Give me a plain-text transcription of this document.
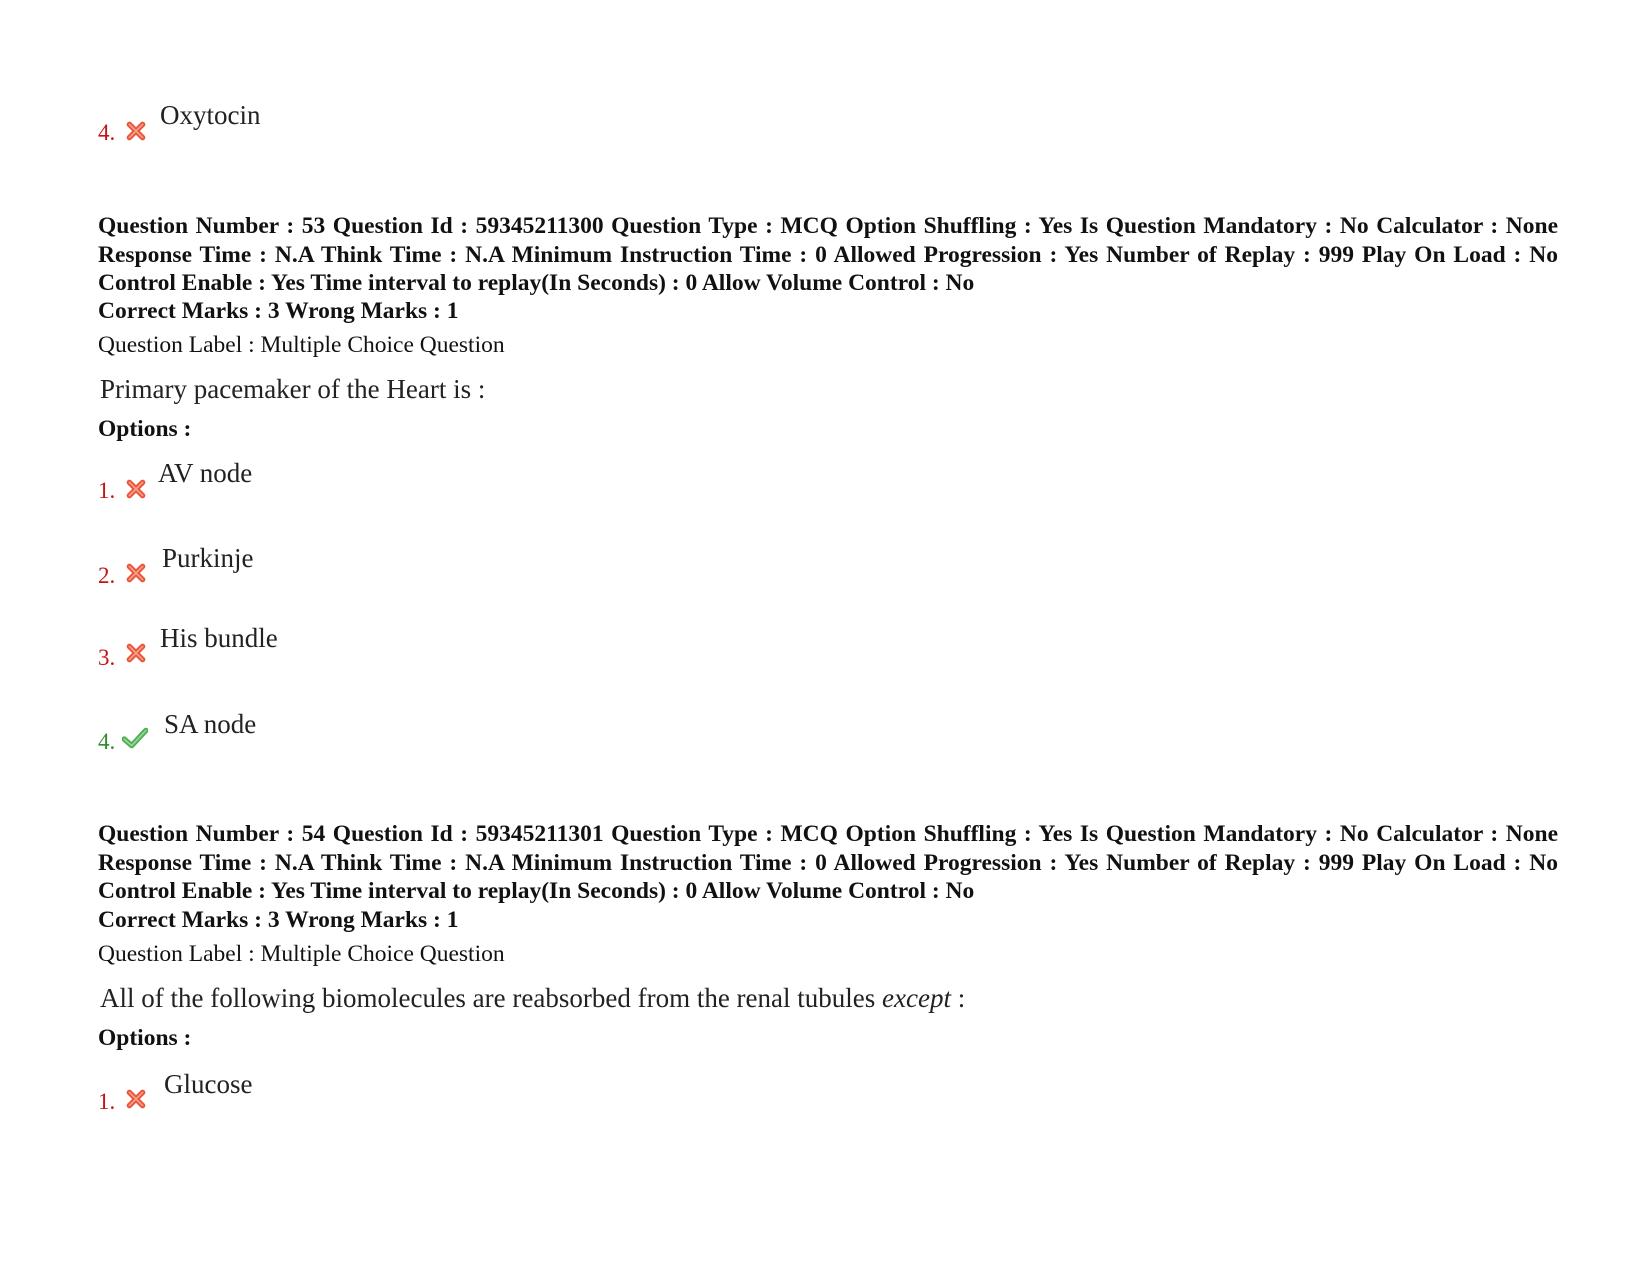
4.
Oxytocin
Question Number : 53 Question Id : 59345211300 Question Type : MCQ Option Shuffling : Yes Is Question Mandatory : No Calculator : None Response Time : N.A Think Time : N.A Minimum Instruction Time : 0 Allowed Progression : Yes Number of Replay : 999 Play On Load : No Control Enable : Yes Time interval to replay(In Seconds) : 0 Allow Volume Control : No
Correct Marks : 3 Wrong Marks : 1
Question Label : Multiple Choice Question
Primary pacemaker of the Heart is :
Options :
1.
AV node
2.
Purkinje
3.
His bundle
4.
SA node
Question Number : 54 Question Id : 59345211301 Question Type : MCQ Option Shuffling : Yes Is Question Mandatory : No Calculator : None Response Time : N.A Think Time : N.A Minimum Instruction Time : 0 Allowed Progression : Yes Number of Replay : 999 Play On Load : No Control Enable : Yes Time interval to replay(In Seconds) : 0 Allow Volume Control : No
Correct Marks : 3 Wrong Marks : 1
Question Label : Multiple Choice Question
All of the following biomolecules are reabsorbed from the renal tubules except :
Options :
1.
Glucose
